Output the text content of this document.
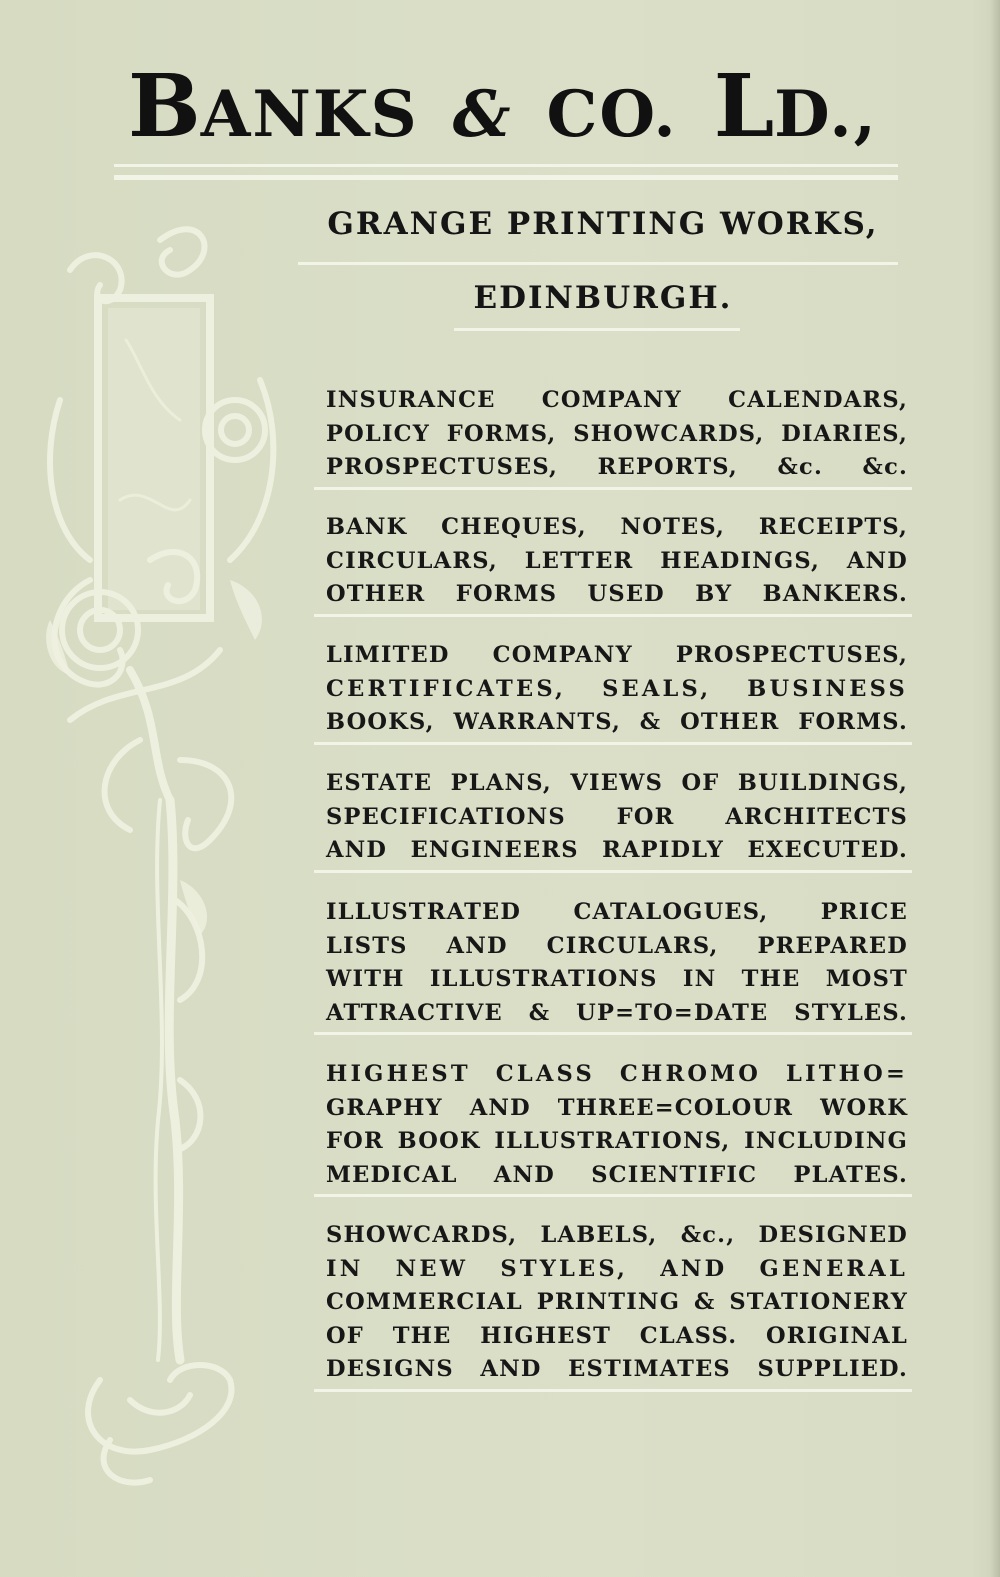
BANKS & CO. LD.,

GRANGE PRINTING WORKS,

EDINBURGH.

INSURANCE COMPANY CALENDARS,
POLICY FORMS, SHOWCARDS, DIARIES,
PROSPECTUSES, REPORTS, &c. &c.
BANK CHEQUES, NOTES, RECEIPTS,
CIRCULARS, LETTER HEADINGS, AND
OTHER FORMS USED BY BANKERS.
LIMITED COMPANY PROSPECTUSES,
CERTIFICATES, SEALS, BUSINESS
BOOKS, WARRANTS, & OTHER FORMS.
ESTATE PLANS, VIEWS OF BUILDINGS,
SPECIFICATIONS FOR ARCHITECTS
AND ENGINEERS RAPIDLY EXECUTED.
ILLUSTRATED CATALOGUES, PRICE
LISTS AND CIRCULARS, PREPARED
WITH ILLUSTRATIONS IN THE MOST
ATTRACTIVE & UP=TO=DATE STYLES.
HIGHEST CLASS CHROMO LITHO=
GRAPHY AND THREE=COLOUR WORK
FOR BOOK ILLUSTRATIONS, INCLUDING
MEDICAL AND SCIENTIFIC PLATES.
SHOWCARDS, LABELS, &c., DESIGNED
IN NEW STYLES, AND GENERAL
COMMERCIAL PRINTING & STATIONERY
OF THE HIGHEST CLASS. ORIGINAL
DESIGNS AND ESTIMATES SUPPLIED.
